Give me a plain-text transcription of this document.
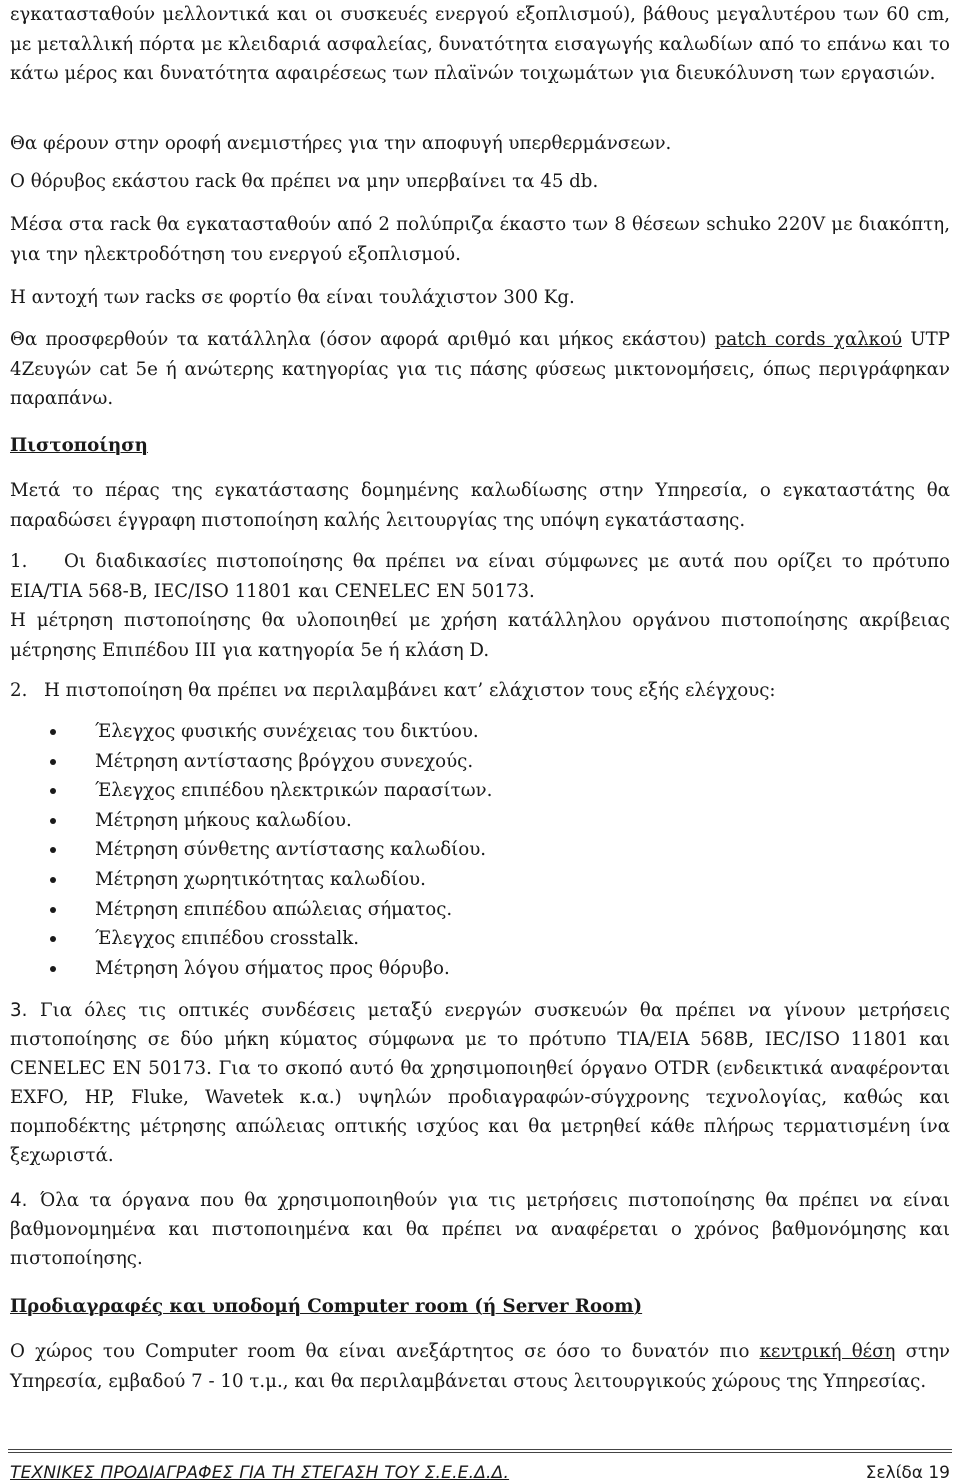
εγκατασταθούν μελλοντικά και οι συσκευές ενεργού εξοπλισμού), βάθους μεγαλυτέρου των 60 cm, με μεταλλική πόρτα με κλειδαριά ασφαλείας, δυνατότητα εισαγωγής καλωδίων από το επάνω και το κάτω μέρος και δυνατότητα αφαιρέσεως των πλαϊνών τοιχωμάτων για διευκόλυνση των εργασιών.

Θα φέρουν στην οροφή ανεμιστήρες για την αποφυγή υπερθερμάνσεων.

Ο θόρυβος εκάστου rack θα πρέπει να μην υπερβαίνει τα 45 db.

Μέσα στα rack θα εγκατασταθούν από 2 πολύπριζα έκαστο των 8 θέσεων schuko 220V με διακόπτη, για την ηλεκτροδότηση του ενεργού εξοπλισμού.

Η αντοχή των racks σε φορτίο θα είναι τουλάχιστον 300 Kg.

Θα προσφερθούν τα κατάλληλα (όσον αφορά αριθμό και μήκος εκάστου) patch cords χαλκού UTP 4Ζευγών cat 5e ή ανώτερης κατηγορίας για τις πάσης φύσεως μικτονομήσεις, όπως περιγράφηκαν παραπάνω.

Πιστοποίηση

Μετά το πέρας της εγκατάστασης δομημένης καλωδίωσης στην Υπηρεσία, ο εγκαταστάτης θα παραδώσει έγγραφη πιστοποίηση καλής λειτουργίας της υπόψη εγκατάστασης.

1. Οι διαδικασίες πιστοποίησης θα πρέπει να είναι σύμφωνες με αυτά που ορίζει το πρότυπο EIA/TIA 568-B, IEC/ISO 11801 και CENELEC EN 50173.

Η μέτρηση πιστοποίησης θα υλοποιηθεί με χρήση κατάλληλου οργάνου πιστοποίησης ακρίβειας μέτρησης Επιπέδου ΙΙΙ για κατηγορία 5e ή κλάση D.

2. Η πιστοποίηση θα πρέπει να περιλαμβάνει κατ’ ελάχιστον τους εξής ελέγχους:

Έλεγχος φυσικής συνέχειας του δικτύου.
Μέτρηση αντίστασης βρόγχου συνεχούς.
Έλεγχος επιπέδου ηλεκτρικών παρασίτων.
Μέτρηση μήκους καλωδίου.
Μέτρηση σύνθετης αντίστασης καλωδίου.
Μέτρηση χωρητικότητας καλωδίου.
Μέτρηση επιπέδου απώλειας σήματος.
Έλεγχος επιπέδου crosstalk.
Μέτρηση λόγου σήματος προς θόρυβο.

3. Για όλες τις οπτικές συνδέσεις μεταξύ ενεργών συσκευών θα πρέπει να γίνουν μετρήσεις πιστοποίησης σε δύο μήκη κύματος σύμφωνα με το πρότυπο TIA/EIA 568B, IEC/ISO 11801 και CENELEC EN 50173. Για το σκοπό αυτό θα χρησιμοποιηθεί όργανο OTDR (ενδεικτικά αναφέρονται EXFO, HP, Fluke, Wavetek κ.α.) υψηλών προδιαγραφών-σύγχρονης τεχνολογίας, καθώς και πομποδέκτης μέτρησης απώλειας οπτικής ισχύος και θα μετρηθεί κάθε πλήρως τερματισμένη ίνα ξεχωριστά.

4. Όλα τα όργανα που θα χρησιμοποιηθούν για τις μετρήσεις πιστοποίησης θα πρέπει να είναι βαθμονομημένα και πιστοποιημένα και θα πρέπει να αναφέρεται ο χρόνος βαθμονόμησης και πιστοποίησης.

Προδιαγραφές και υποδομή Computer room (ή Server Room)

Ο χώρος του Computer room θα είναι ανεξάρτητος σε όσο το δυνατόν πιο κεντρική θέση στην Υπηρεσία, εμβαδού 7 - 10 τ.μ., και θα περιλαμβάνεται στους λειτουργικούς χώρους της Υπηρεσίας.

ΤΕΧΝΙΚΕΣ ΠΡΟΔΙΑΓΡΑΦΕΣ ΓΙΑ ΤΗ ΣΤΕΓΑΣΗ ΤΟΥ Σ.Ε.Ε.Δ.Δ.	Σελίδα 19
